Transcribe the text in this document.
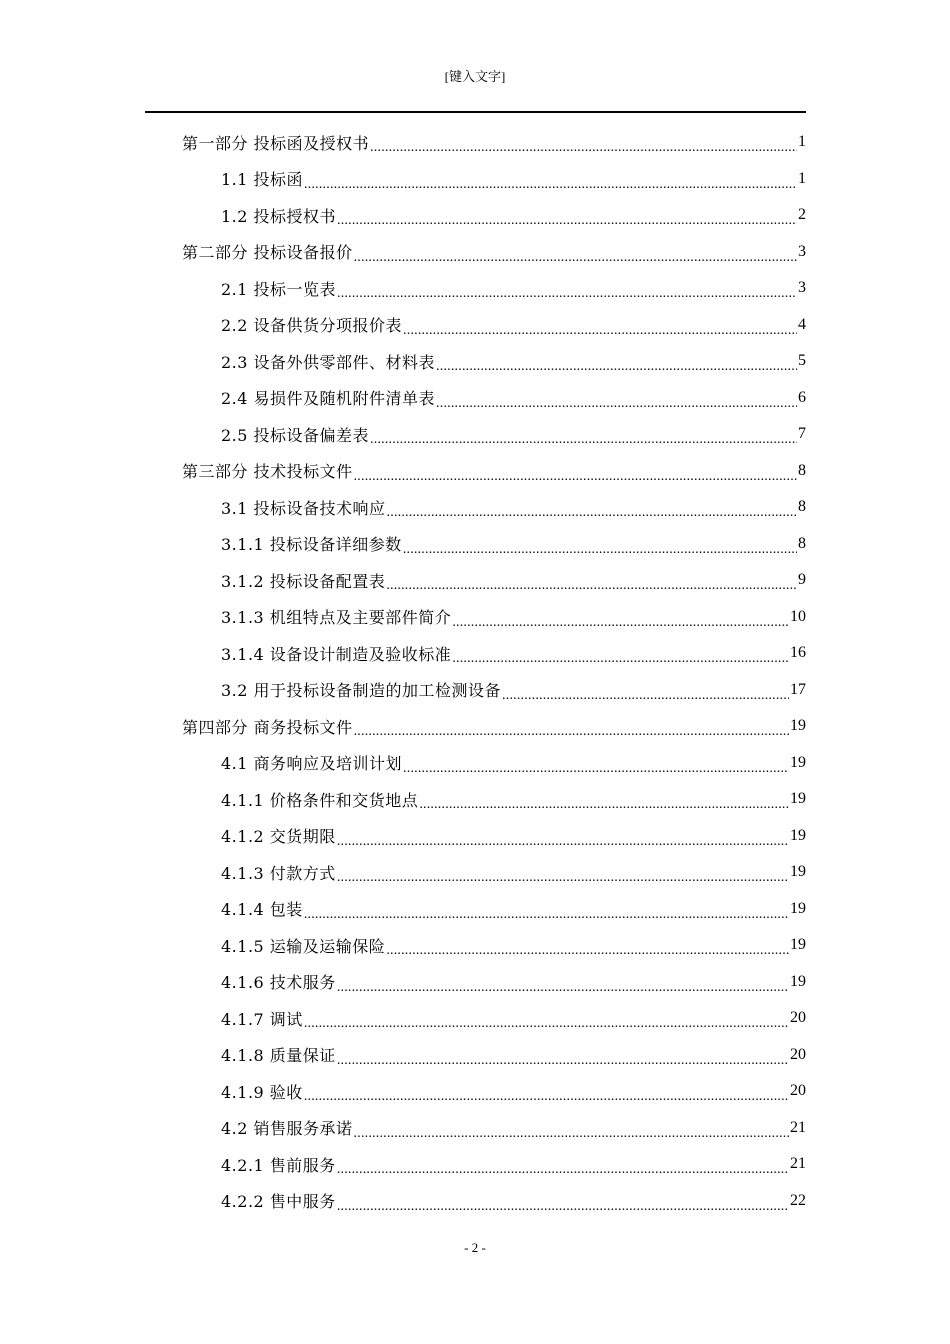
[键入文字]
第一部分 投标函及授权书 .....	1
1.1 投标函 .....	1
1.2 投标授权书 .....	2
第二部分 投标设备报价 .....	3
2.1 投标一览表 .....	3
2.2 设备供货分项报价表 .....	4
2.3 设备外供零部件、材料表 .....	5
2.4 易损件及随机附件清单表 .....	6
2.5 投标设备偏差表 .....	7
第三部分 技术投标文件 .....	8
3.1 投标设备技术响应 .....	8
3.1.1 投标设备详细参数 .....	8
3.1.2 投标设备配置表 .....	9
3.1.3 机组特点及主要部件简介 .....	10
3.1.4 设备设计制造及验收标准 .....	16
3.2 用于投标设备制造的加工检测设备 .....	17
第四部分 商务投标文件 .....	19
4.1 商务响应及培训计划 .....	19
4.1.1 价格条件和交货地点 .....	19
4.1.2 交货期限 .....	19
4.1.3 付款方式 .....	19
4.1.4 包装 .....	19
4.1.5 运输及运输保险 .....	19
4.1.6 技术服务 .....	19
4.1.7 调试 .....	20
4.1.8 质量保证 .....	20
4.1.9 验收 .....	20
4.2 销售服务承诺 .....	21
4.2.1 售前服务 .....	21
4.2.2 售中服务 .....	22
- 2 -
